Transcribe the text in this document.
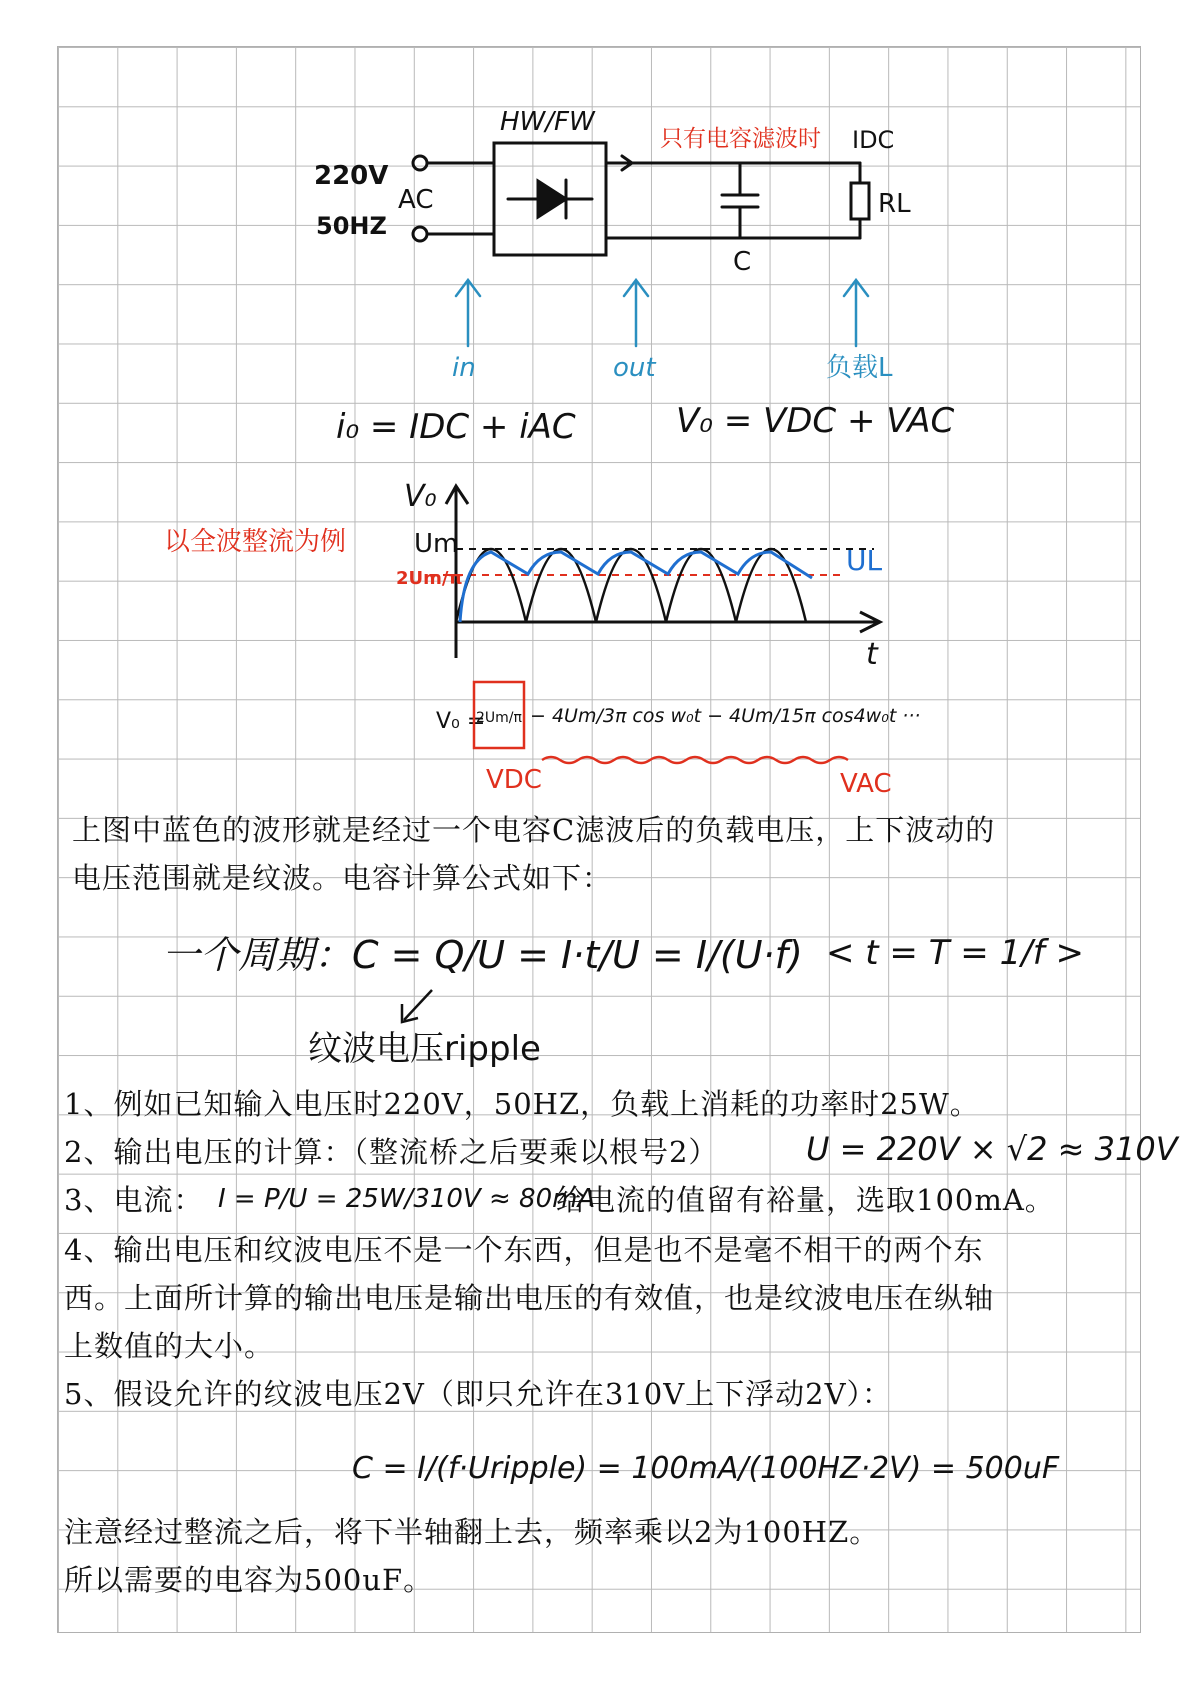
HW/FW
220V
50HZ
AC
C
RL
只有电容滤波时 IDC
in	out	负载L
i₀ = IDC + iAC	V₀ = VDC + VAC
以全波整流为例
V₀
t
Um
2Um/π
UL
V₀ =
2Um/π − 4Um/3π cos w₀t − 4Um/15π cos4w₀t ···
VDC	VAC
一个周期：C = Q/U = I·t/U = I/(U·f) < t = T = 1/f >
纹波电压ripple
U = 220V × √2 ≈ 310V
I = P/U = 25W/310V ≈ 80mA
C = I/(f·Uripple) = 100mA/(100HZ·2V) = 500uF
上图中蓝色的波形就是经过一个电容C滤波后的负载电压，上下波动的
电压范围就是纹波。电容计算公式如下：
1、例如已知输入电压时220V，50HZ，负载上消耗的功率时25W。
2、输出电压的计算：（整流桥之后要乘以根号2）
3、电流：	给电流的值留有裕量，选取100mA。
4、输出电压和纹波电压不是一个东西，但是也不是毫不相干的两个东
西。上面所计算的输出电压是输出电压的有效值，也是纹波电压在纵轴
上数值的大小。
5、假设允许的纹波电压2V（即只允许在310V上下浮动2V）：
注意经过整流之后，将下半轴翻上去，频率乘以2为100HZ。
所以需要的电容为500uF。
